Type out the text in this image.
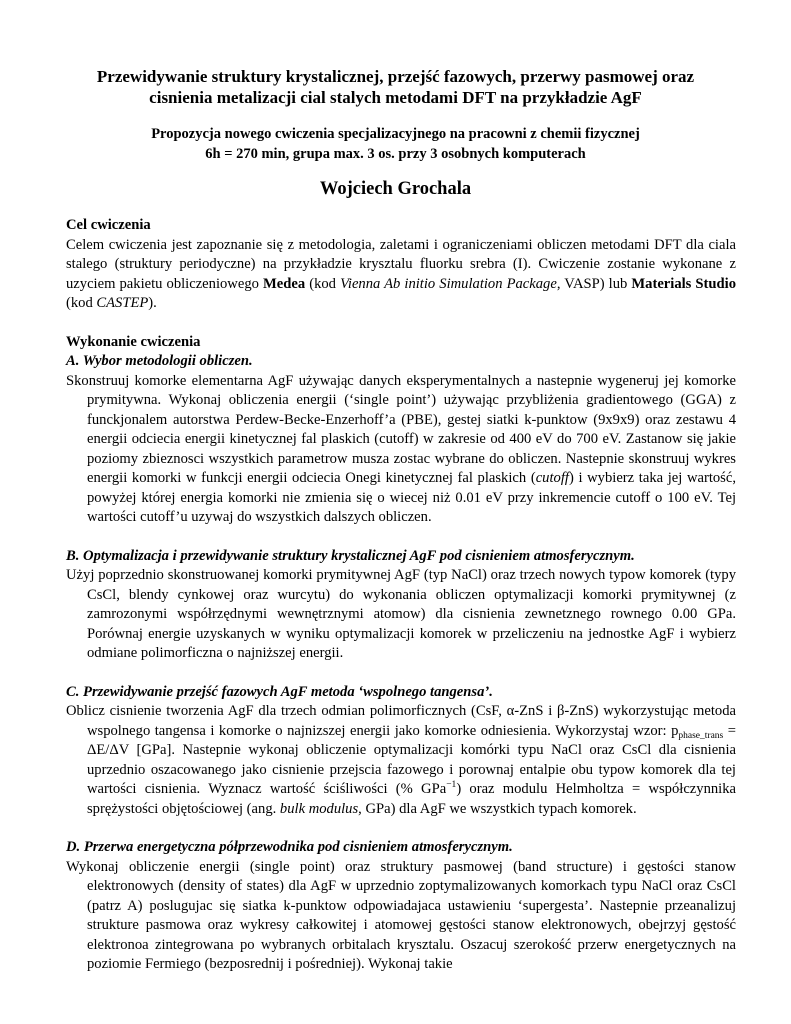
Przewidywanie struktury krystalicznej, przejść fazowych, przerwy pasmowej oraz
cisnienia metalizacji cial stalych metodami DFT na przykładzie AgF
Propozycja nowego cwiczenia specjalizacyjnego na pracowni z chemii fizycznej
6h = 270 min, grupa max. 3 os. przy 3 osobnych komputerach
Wojciech Grochala

Cel cwiczenia

Celem cwiczenia jest zapoznanie się z metodologia, zaletami i ograniczeniami obliczen metodami DFT dla ciala stalego (struktury periodyczne) na przykładzie krysztalu fluorku srebra (I). Cwiczenie zostanie wykonane z uzyciem pakietu obliczeniowego Medea (kod Vienna Ab initio Simulation Package, VASP) lub Materials Studio (kod CASTEP).

Wykonanie cwiczenia

A. Wybor metodologii obliczen.

Skonstruuj komorke elementarna AgF używając danych eksperymentalnych a nastepnie wygeneruj jej komorke prymitywna. Wykonaj obliczenia energii (‘single point’) używając przybliżenia gradientowego (GGA) z funckjonalem autorstwa Perdew-Becke-Enzerhoff’a (PBE), gestej siatki k-punktow (9x9x9) oraz zestawu 4 energii odciecia energii kinetycznej fal plaskich (cutoff) w zakresie od 400 eV do 700 eV. Zastanow się jakie poziomy zbieznosci wszystkich parametrow musza zostac wybrane do obliczen. Nastepnie skonstruuj wykres energii komorki w funkcji energii odciecia Onegi kinetycznej fal plaskich (cutoff) i wybierz taka jej wartość, powyżej której energia komorki nie zmienia się o wiecej niż 0.01 eV przy inkremencie cutoff o 100 eV. Tej wartości cutoff’u uzywaj do wszystkich dalszych obliczen.

B. Optymalizacja i przewidywanie struktury krystalicznej AgF pod cisnieniem atmosferycznym.

Użyj poprzednio skonstruowanej komorki prymitywnej AgF (typ NaCl) oraz trzech nowych typow komorek (typy CsCl, blendy cynkowej oraz wurcytu) do wykonania obliczen optymalizacji komorki prymitywnej (z zamrozonymi współrzędnymi wewnętrznymi atomow) dla cisnienia zewnetznego rownego 0.00 GPa. Porównaj energie uzyskanych w wyniku optymalizacji komorek w przeliczeniu na jednostke AgF i wybierz odmiane polimorficzna o najniższej energii.

C. Przewidywanie przejść fazowych AgF metoda ‘wspolnego tangensa’.

Oblicz cisnienie tworzenia AgF dla trzech odmian polimorficznych (CsF, α-ZnS i β-ZnS) wykorzystując metoda wspolnego tangensa i komorke o najnizszej energii jako komorke odniesienia. Wykorzystaj wzor: $p_{phase\_trans} = \Delta E/\Delta V$ [GPa]. Nastepnie wykonaj obliczenie optymalizacji komórki typu NaCl oraz CsCl dla cisnienia uprzednio oszacowanego jako cisnienie przejscia fazowego i porownaj entalpie obu typow komorek dla tej wartości cisnienia. Wyznacz wartość ściśliwości (% GPa$^{-1}$) oraz modulu Helmholtza = współczynnika sprężystości objętościowej (ang. bulk modulus, GPa) dla AgF we wszystkich typach komorek.

D. Przerwa energetyczna półprzewodnika pod cisnieniem atmosferycznym.

Wykonaj obliczenie energii (single point) oraz struktury pasmowej (band structure) i gęstości stanow elektronowych (density of states) dla AgF w uprzednio zoptymalizowanych komorkach typu NaCl oraz CsCl (patrz A) poslugujac się siatka k-punktow odpowiadajaca ustawieniu ‘supergesta’. Nastepnie przeanalizuj strukture pasmowa oraz wykresy całkowitej i atomowej gęstości stanow elektronowych, obejrzyj gęstość elektronoa zintegrowana po wybranych orbitalach krysztalu. Oszacuj szerokość przerw energetycznych na poziomie Fermiego (bezposrednij i pośredniej). Wykonaj takie
